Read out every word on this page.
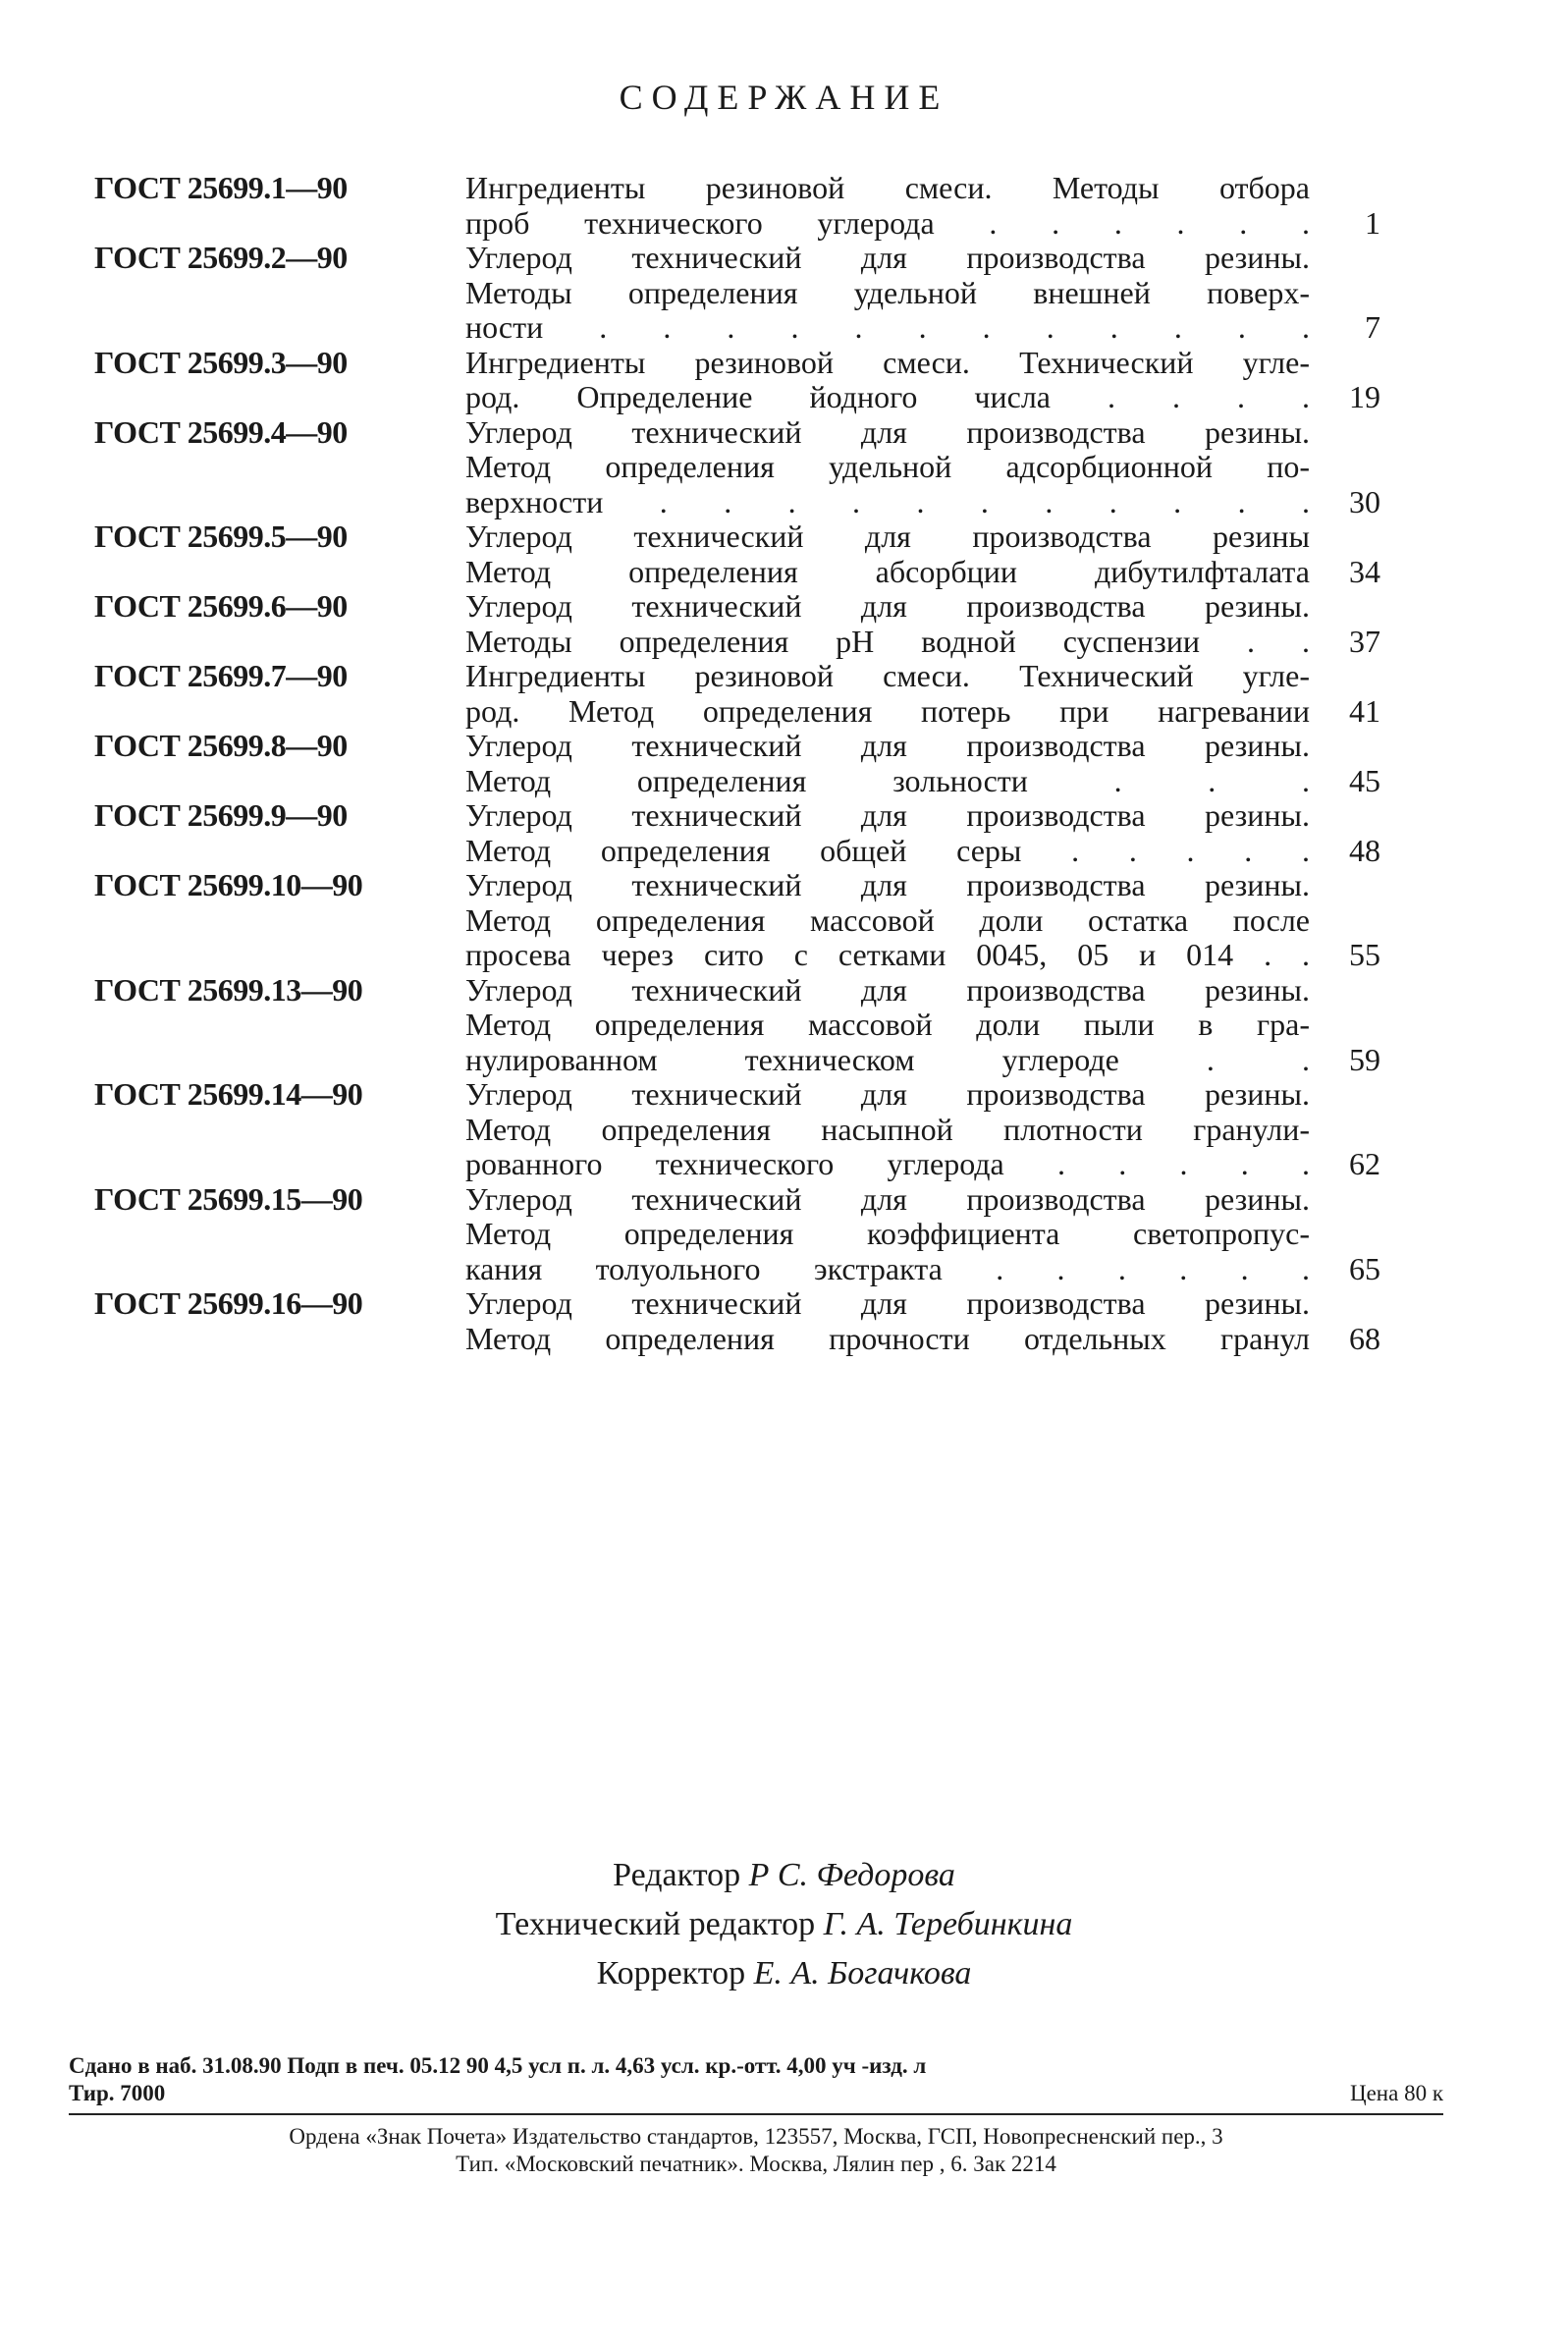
СОДЕРЖАНИЕ
ГОСТ 25699.1—90	Ингредиенты резиновой смеси. Методы отбора
проб технического углерода . . . . . .	1
ГОСТ 25699.2—90	Углерод технический для производства резины.
Методы определения удельной внешней поверх-
ности . . . . . . . . . . . .	7
ГОСТ 25699.3—90	Ингредиенты резиновой смеси. Технический угле-
род. Определение йодного числа . . . .	19
ГОСТ 25699.4—90	Углерод технический для производства резины.
Метод определения удельной адсорбционной по-
верхности . . . . . . . . . . .	30
ГОСТ 25699.5—90	Углерод технический для производства резины
Метод определения абсорбции дибутилфталата	34
ГОСТ 25699.6—90	Углерод технический для производства резины.
Методы определения pH водной суспензии . .	37
ГОСТ 25699.7—90	Ингредиенты резиновой смеси. Технический угле-
род. Метод определения потерь при нагревании	41
ГОСТ 25699.8—90	Углерод технический для производства резины.
Метод определения зольности . . .	45
ГОСТ 25699.9—90	Углерод технический для производства резины.
Метод определения общей серы . . . . .	48
ГОСТ 25699.10—90	Углерод технический для производства резины.
Метод определения массовой доли остатка после
просева через сито с сетками 0045, 05 и 014 . .	55
ГОСТ 25699.13—90	Углерод технический для производства резины.
Метод определения массовой доли пыли в гра-
нулированном техническом углероде . .	59
ГОСТ 25699.14—90	Углерод технический для производства резины.
Метод определения насыпной плотности гранули-
рованного технического углерода . . . . .	62
ГОСТ 25699.15—90	Углерод технический для производства резины.
Метод определения коэффициента светопропус-
кания толуольного экстракта . . . . . .	65
ГОСТ 25699.16—90	Углерод технический для производства резины.
Метод определения прочности отдельных гранул	68
Редактор Р С. Федорова
Технический редактор Г. А. Теребинкина
Корректор Е. А. Богачкова
Сдано в наб. 31.08.90 Подп в печ. 05.12 90 4,5 усл п. л. 4,63 усл. кр.-отт. 4,00 уч -изд. л
Тир. 7000	Цена 80 к
Ордена «Знак Почета» Издательство стандартов, 123557, Москва, ГСП, Новопресненский пер., 3
Тип. «Московский печатник». Москва, Лялин пер , 6. Зак 2214
